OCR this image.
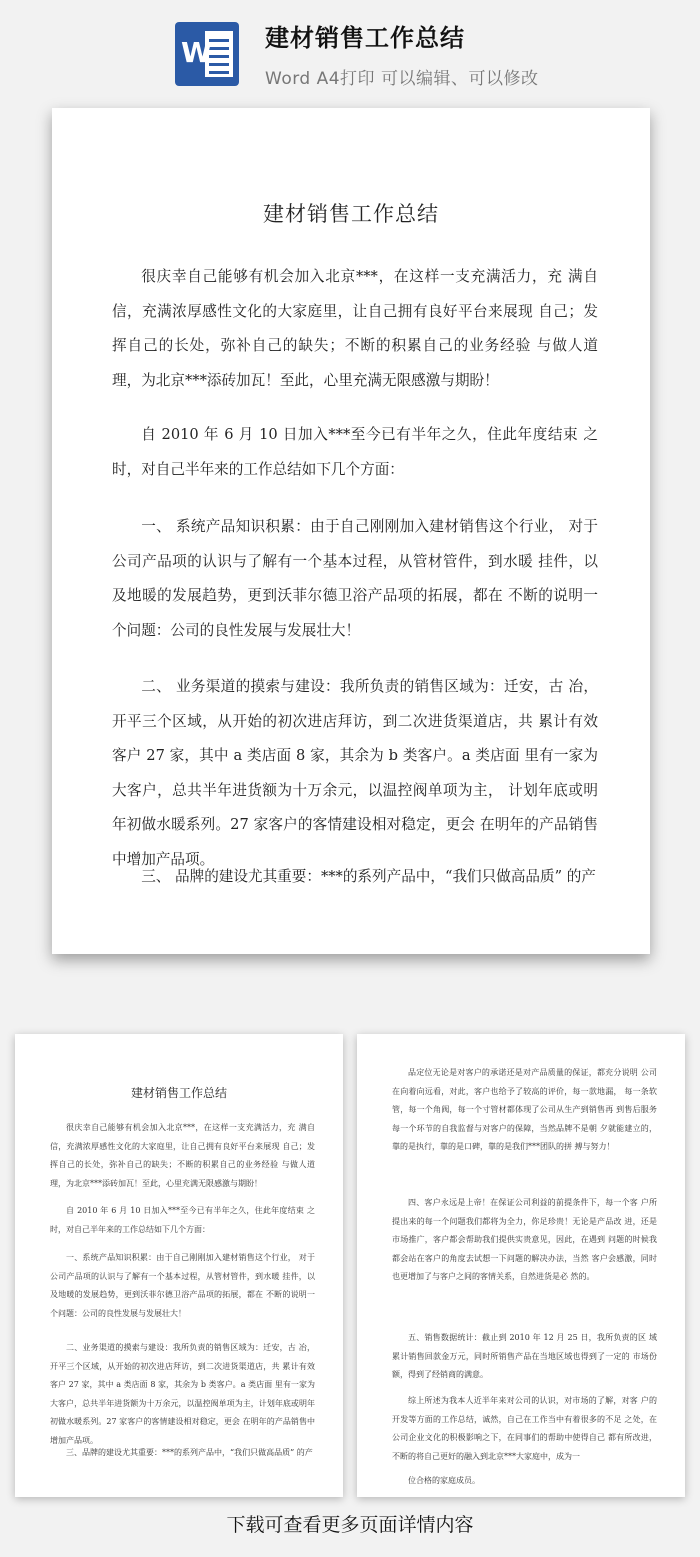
W 建材销售工作总结
Word A4打印 可以编辑、可以修改
建材销售工作总结
很庆幸自己能够有机会加入北京***，在这样一支充满活力，充 满自信，充满浓厚感性文化的大家庭里，让自己拥有良好平台来展现 自己；发挥自己的长处，弥补自己的缺失；不断的积累自己的业务经验 与做人道理，为北京***添砖加瓦！至此，心里充满无限感激与期盼！
自 2010 年 6 月 10 日加入***至今已有半年之久，住此年度结束 之时，对自己半年来的工作总结如下几个方面：
一、 系统产品知识积累：由于自己刚刚加入建材销售这个行业， 对于公司产品项的认识与了解有一个基本过程，从管材管件，到水暖 挂件，以及地暖的发展趋势，更到沃菲尔德卫浴产品项的拓展，都在 不断的说明一个问题：公司的良性发展与发展壮大！
二、 业务渠道的摸索与建设：我所负责的销售区域为：迁安，古 冶，开平三个区域，从开始的初次进店拜访，到二次进货渠道店，共 累计有效客户 27 家，其中 a 类店面 8 家，其余为 b 类客户。a 类店面 里有一家为大客户，总共半年进货额为十万余元，以温控阀单项为主， 计划年底或明年初做水暖系列。27 家客户的客情建设相对稳定，更会 在明年的产品销售中增加产品项。
三、 品牌的建设尤其重要：***的系列产品中，“我们只做高品质” 的产
建材销售工作总结
很庆幸自己能够有机会加入北京***，在这样一支充满活力，充 满自信，充满浓厚感性文化的大家庭里，让自己拥有良好平台来展现 自己；发挥自己的长处，弥补自己的缺失；不断的积累自己的业务经验 与做人道理，为北京***添砖加瓦！至此，心里充满无限感激与期盼！
自 2010 年 6 月 10 日加入***至今已有半年之久，住此年度结束 之时，对自己半年来的工作总结如下几个方面：
一、系统产品知识积累：由于自己刚刚加入建材销售这个行业， 对于公司产品项的认识与了解有一个基本过程，从管材管件，到水暖 挂件，以及地暖的发展趋势，更到沃菲尔德卫浴产品项的拓展，都在 不断的说明一个问题：公司的良性发展与发展壮大！
二、业务渠道的摸索与建设：我所负责的销售区域为：迁安，古 冶，开平三个区域，从开始的初次进店拜访，到二次进货渠道店，共 累计有效客户 27 家，其中 a 类店面 8 家，其余为 b 类客户。a 类店面 里有一家为大客户，总共半年进货额为十万余元，以温控阀单项为主，计划年底或明年初做水暖系列。27 家客户的客情建设相对稳定，更会 在明年的产品销售中增加产品项。
三、品牌的建设尤其重要：***的系列产品中，“我们只做高品质” 的产
品定位无论是对客户的承诺还是对产品质量的保证，都充分说明 公司在向着向远看，对此，客户也给予了较高的评价，每一款地漏， 每一条软管，每一个角阀，每一个寸管材都体现了公司从生产到销售再 到售后服务每一个环节的自我监督与对客户的保障，当然品牌不是朝 夕就能建立的，靠的是执行，靠的是口碑，靠的是我们***团队的拼 搏与努力！
四、客户永远是上帝！在保证公司利益的前提条件下，每一个客 户所提出来的每一个问题我们都将为全力，你足珍贵！无论是产品改 进，还是市场推广，客户都会帮助我们提供实贵意见，因此，在遇到 问题的时候我都会站在客户的角度去试想一下问题的解决办法，当然 客户会感激，同时也更增加了与客户之间的客情关系，自然进货是必 然的。
五、销售数据统计：截止到 2010 年 12 月 25 日，我所负责的区 域累计销售回款金万元，同时所销售产品在当地区域也得到了一定的 市场份额，得到了经销商的满意。
综上所述为我本人近半年来对公司的认识，对市场的了解，对客 户的开发等方面的工作总结，诚然，自己在工作当中有着很多的不足 之处，在公司企业文化的积极影响之下，在同事们的帮助中使得自己 都有所改进，不断的将自己更好的融入到北京***大家庭中，成为一
位合格的家庭成员。
下载可查看更多页面详情内容
